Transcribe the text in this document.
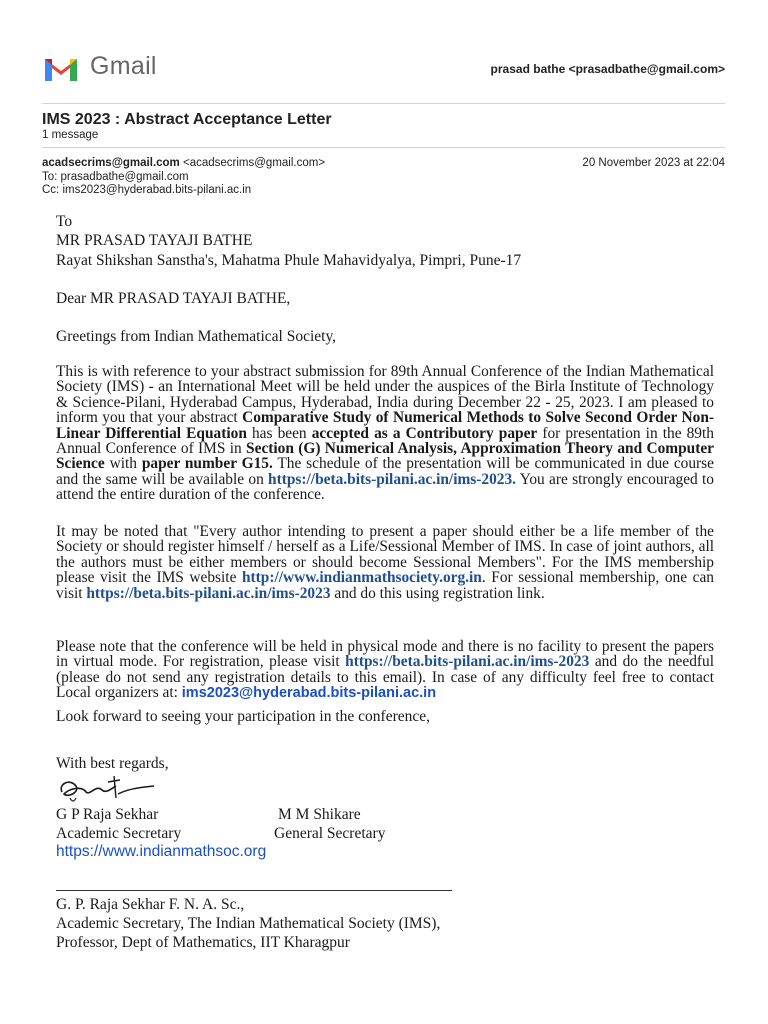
Gmail	prasad bathe <prasadbathe@gmail.com>
IMS 2023 : Abstract Acceptance Letter
1 message
acadsecrims@gmail.com <acadsecrims@gmail.com>	20 November 2023 at 22:04
To: prasadbathe@gmail.com
Cc: ims2023@hyderabad.bits-pilani.ac.in
To
MR PRASAD TAYAJI BATHE
Rayat Shikshan Sanstha's, Mahatma Phule Mahavidyalya, Pimpri, Pune-17
Dear MR PRASAD TAYAJI BATHE,
Greetings from Indian Mathematical Society,
This is with reference to your abstract submission for 89th Annual Conference of the Indian Mathematical Society (IMS) - an International Meet will be held under the auspices of the Birla Institute of Technology & Science-Pilani, Hyderabad Campus, Hyderabad, India during December 22 - 25, 2023. I am pleased to inform you that your abstract Comparative Study of Numerical Methods to Solve Second Order Non-Linear Differential Equation has been accepted as a Contributory paper for presentation in the 89th Annual Conference of IMS in Section (G) Numerical Analysis, Approximation Theory and Computer Science with paper number G15. The schedule of the presentation will be communicated in due course and the same will be available on https://beta.bits-pilani.ac.in/ims-2023. You are strongly encouraged to attend the entire duration of the conference.
It may be noted that "Every author intending to present a paper should either be a life member of the Society or should register himself / herself as a Life/Sessional Member of IMS. In case of joint authors, all the authors must be either members or should become Sessional Members". For the IMS membership please visit the IMS website http://www.indianmathsociety.org.in. For sessional membership, one can visit https://beta.bits-pilani.ac.in/ims-2023 and do this using registration link.
Please note that the conference will be held in physical mode and there is no facility to present the papers in virtual mode. For registration, please visit https://beta.bits-pilani.ac.in/ims-2023 and do the needful (please do not send any registration details to this email). In case of any difficulty feel free to contact Local organizers at: ims2023@hyderabad.bits-pilani.ac.in
Look forward to seeing your participation in the conference,
With best regards,
G P Raja Sekhar
Academic Secretary
M M Shikare
General Secretary
https://www.indianmathsoc.org
G. P. Raja Sekhar F. N. A. Sc.,
Academic Secretary, The Indian Mathematical Society (IMS),
Professor, Dept of Mathematics, IIT Kharagpur
